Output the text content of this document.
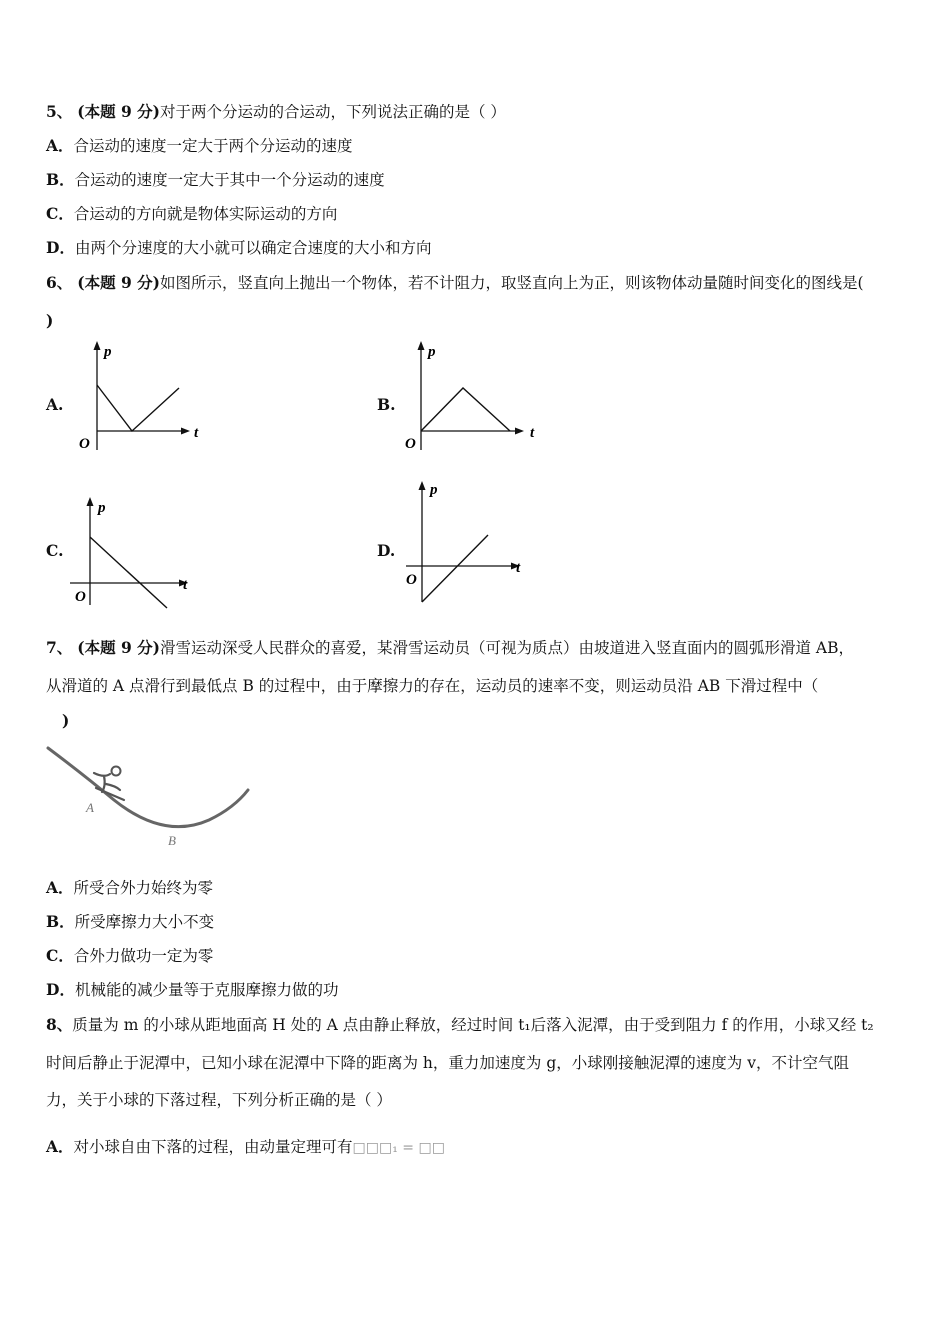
5、 (本题 9 分)对于两个分运动的合运动，下列说法正确的是（ ）
A．合运动的速度一定大于两个分运动的速度
B．合运动的速度一定大于其中一个分运动的速度
C．合运动的方向就是物体实际运动的方向
D．由两个分速度的大小就可以确定合速度的大小和方向
6、 (本题 9 分)如图所示，竖直向上抛出一个物体，若不计阻力，取竖直向上为正，则该物体动量随时间变化的图线是(
)
A.
p
t
O
B.
p
t
O
C.
p
t
O
D.
p
t
O
7、 (本题 9 分)滑雪运动深受人民群众的喜爱，某滑雪运动员（可视为质点）由坡道进入竖直面内的圆弧形滑道 AB，
从滑道的 A 点滑行到最低点 B 的过程中，由于摩擦力的存在，运动员的速率不变，则运动员沿 AB 下滑过程中（
)
A
B
A．所受合外力始终为零
B．所受摩擦力大小不变
C．合外力做功一定为零
D．机械能的减少量等于克服摩擦力做的功
8、质量为 m 的小球从距地面高 H 处的 A 点由静止释放，经过时间 t₁后落入泥潭，由于受到阻力 f 的作用，小球又经 t₂
时间后静止于泥潭中，已知小球在泥潭中下降的距离为 h，重力加速度为 g，小球刚接触泥潭的速度为 v，不计空气阻
力，关于小球的下落过程，下列分析正确的是（ ）
A．对小球自由下落的过程，由动量定理可有□□□₁ = □□
